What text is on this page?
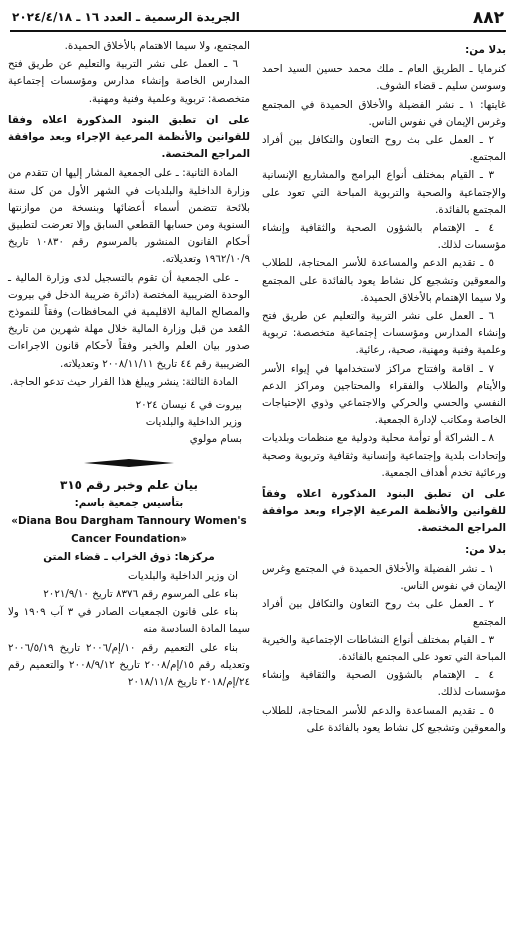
٨٨٢
الجريدة الرسمية ـ العدد ١٦ ـ ٢٠٢٤/٤/١٨

بدلا من:

كنرمايا ـ الطريق العام ـ ملك محمد حسين السيد احمد وسوسن سليم ـ قضاء الشوف.

غايتها: ١ ـ نشر الفضيلة والأخلاق الحميدة في المجتمع وغرس الإيمان في نفوس الناس.

٢ ـ العمل على بث روح التعاون والتكافل بين أفراد المجتمع.

٣ ـ القيام بمختلف أنواع البرامج والمشاريع الإنسانية والإجتماعية والصحية والتربوية المباحة التي تعود على المجتمع بالفائدة.

٤ ـ الإهتمام بالشؤون الصحية والثقافية وإنشاء مؤسسات لذلك.

٥ ـ تقديم الدعم والمساعدة للأسر المحتاجة، للطلاب والمعوقين وتشجيع كل نشاط يعود بالفائدة على المجتمع ولا سيما الإهتمام بالأخلاق الحميدة.

٦ ـ العمل على نشر التربية والتعليم عن طريق فتح وإنشاء المدارس ومؤسسات إجتماعية متخصصة: تربوية وعلمية وفنية ومهنية، صحية، رعائية.

٧ ـ اقامة وافتتاح مراكز لاستخدامها في إيواء الأسر والأيتام والطلاب والفقراء والمحتاجين ومراكز الدعم النفسي والحسي والحركي والاجتماعي وذوي الإحتياجات الخاصة ومكاتب لإدارة الجمعية.

٨ ـ الشراكة أو توأمة محلية ودولية مع منظمات وبلديات وإتحادات بلدية وإجتماعية وإنسانية وثقافية وتربوية وصحية ورعائية تخدم أهداف الجمعية.

على ان تطبق البنود المذكورة اعلاه وفقاً للقوانين والأنظمة المرعية الإجراء وبعد موافقة المراجع المختصة.

بدلا من:

١ ـ نشر الفضيلة والأخلاق الحميدة في المجتمع وغرس الإيمان في نفوس الناس.

٢ ـ العمل على بث روح التعاون والتكافل بين أفراد المجتمع

٣ ـ القيام بمختلف أنواع النشاطات الإجتماعية والخيرية المباحة التي تعود على المجتمع بالفائدة.

٤ ـ الإهتمام بالشؤون الصحية والثقافية وإنشاء مؤسسات لذلك.

٥ ـ تقديم المساعدة والدعم للأسر المحتاجة، للطلاب والمعوقين وتشجيع كل نشاط يعود بالفائدة على

المجتمع، ولا سيما الاهتمام بالأخلاق الحميدة.

٦ ـ العمل على نشر التربية والتعليم عن طريق فتح المدارس الخاصة وإنشاء مدارس ومؤسسات إجتماعية متخصصة: تربوية وعلمية وفنية ومهنية.

على ان تطبق البنود المذكورة اعلاه وفقا للقوانين والأنظمة المرعية الإجراء وبعد موافقة المراجع المختصة.

المادة الثانية: ـ على الجمعية المشار إليها ان تتقدم من وزارة الداخلية والبلديات في الشهر الأول من كل سنة بلائحة تتضمن أسماء أعضائها وبنسخة من موازنتها السنوية ومن حسابها القطعي السابق وإلا تعرضت لتطبيق أحكام القانون المنشور بالمرسوم رقم ١٠٨٣٠ تاريخ ١٩٦٢/١٠/٩ وتعديلاته.

ـ على الجمعية أن تقوم بالتسجيل لدى وزارة المالية ـ الوحدة الضريبية المختصة (دائرة ضريبة الدخل في بيروت والمصالح المالية الاقليمية في المحافظات) وفقاً للنموذج المُعد من قبل وزارة المالية خلال مهلة شهرين من تاريخ صدور بيان العلم والخبر وفقاً لأحكام قانون الاجراءات الضريبية رقم ٤٤ تاريخ ٢٠٠٨/١١/١١ وتعديلاته.

المادة الثالثة: ينشر ويبلغ هذا القرار حيث تدعو الحاجة.

بيروت في ٤ نيسان ٢٠٢٤

وزير الداخلية والبلديات

بسام مولوي

بيان علم وخبر رقم ٣١٥

بتأسيس جمعية باسم:

«Diana Bou Dargham Tannoury Women's

Cancer Foundation»

مركزها: ذوق الخراب ـ قضاء المتن

ان وزير الداخلية والبلديات

بناء على المرسوم رقم ٨٣٧٦ تاريخ ٢٠٢١/٩/١٠

بناء على قانون الجمعيات الصادر في ٣ آب ١٩٠٩ ولا سيما المادة السادسة منه

بناء على التعميم رقم ١٠/إم/٢٠٠٦ تاريخ ٢٠٠٦/٥/١٩ وتعديله رقم ١٥/إم/٢٠٠٨ تاريخ ٢٠٠٨/٩/١٢ والتعميم رقم ٢٤/إم/٢٠١٨ تاريخ ٢٠١٨/١١/٨
